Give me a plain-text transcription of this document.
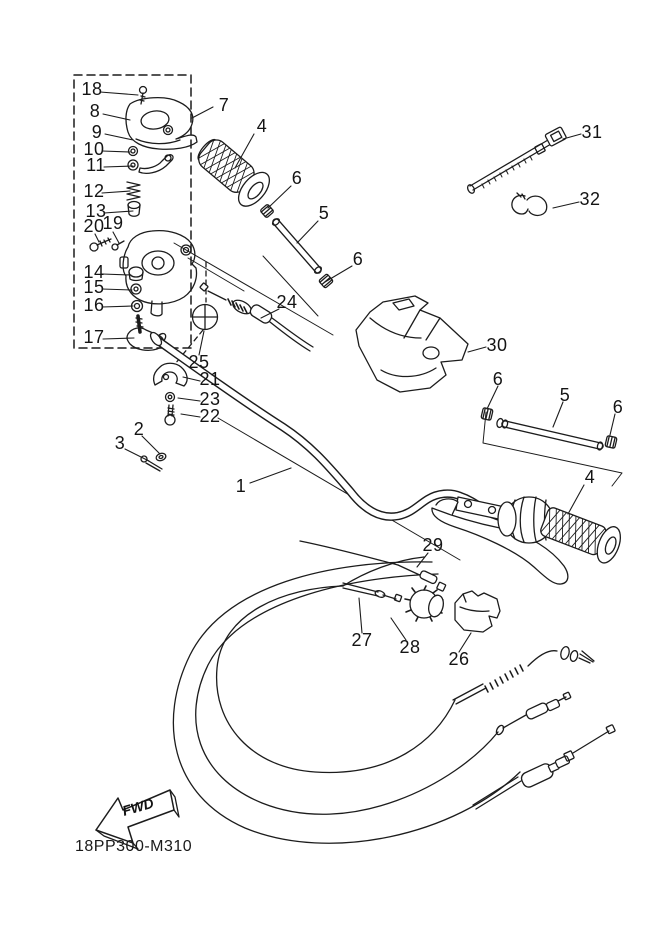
FWD
18
8
9
10
11
12
13
20
19
7
4
6
5
6
24
31
32
30
14
15
16
17
25
21
23
22
2
3
1
6
5
6
4
29
27 28
26
18PP300-M310
